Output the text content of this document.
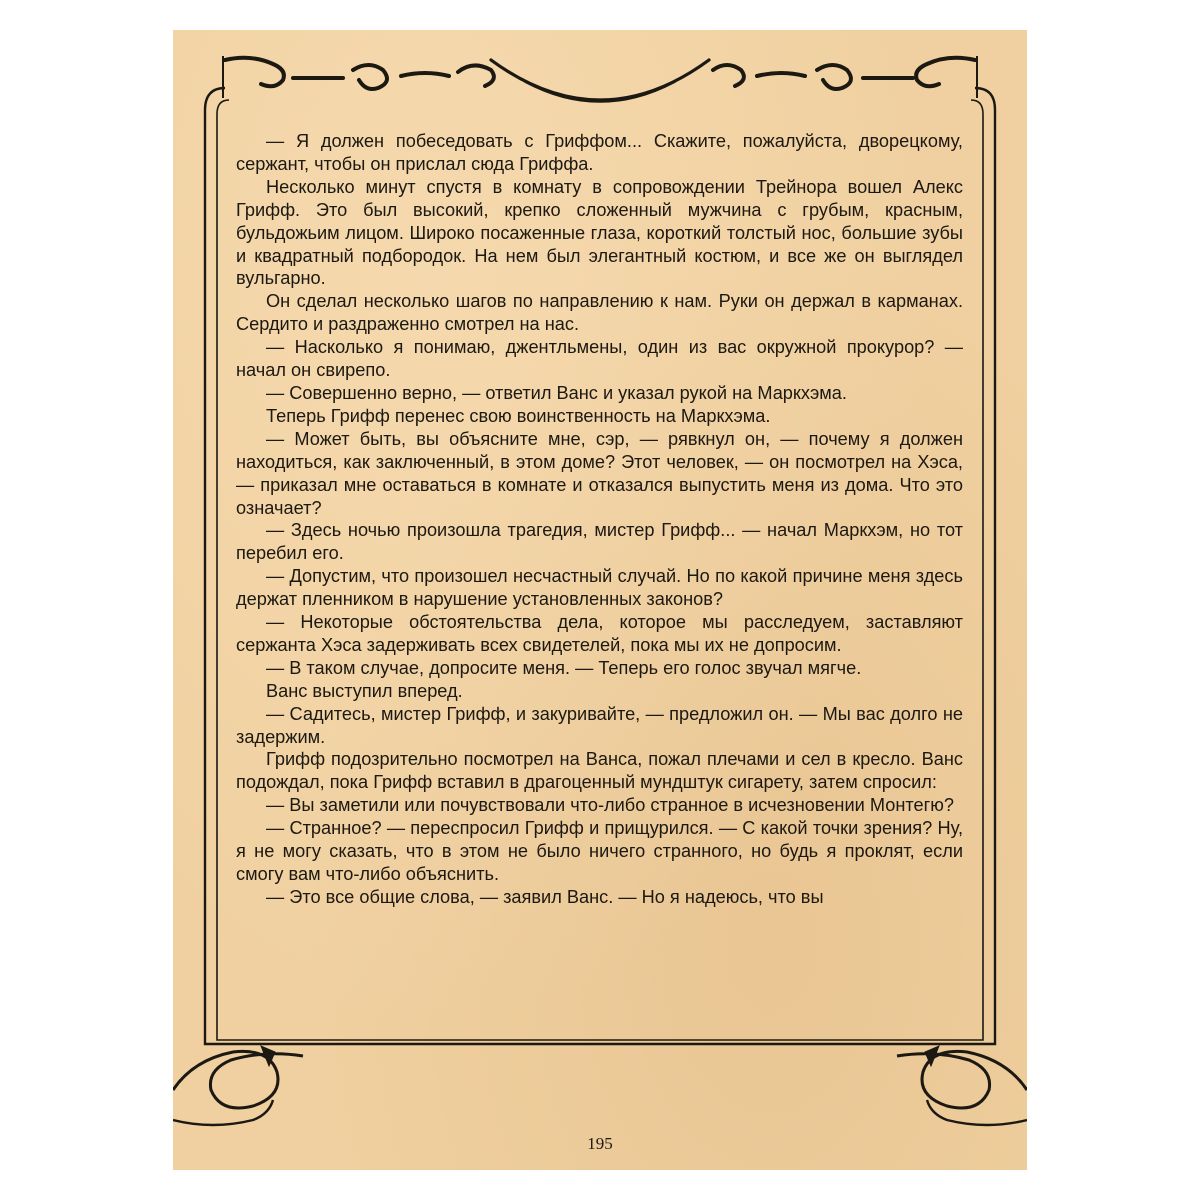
— Я должен побеседовать с Гриффом... Скажите, пожалуйста, дворецкому, сержант, чтобы он прислал сюда Гриффа.

Несколько минут спустя в комнату в сопровождении Трейнора вошел Алекс Грифф. Это был высокий, крепко сложенный мужчина с грубым, красным, бульдожьим лицом. Широко посаженные глаза, короткий толстый нос, большие зубы и квадратный подбородок. На нем был элегантный костюм, и все же он выглядел вульгарно.

Он сделал несколько шагов по направлению к нам. Руки он держал в карманах. Сердито и раздраженно смотрел на нас.

— Насколько я понимаю, джентльмены, один из вас окружной прокурор? — начал он свирепо.

— Совершенно верно, — ответил Ванс и указал рукой на Маркхэма.

Теперь Грифф перенес свою воинственность на Маркхэма.

— Может быть, вы объясните мне, сэр, — рявкнул он, — почему я должен находиться, как заключенный, в этом доме? Этот человек, — он посмотрел на Хэса, — приказал мне оставаться в комнате и отказался выпустить меня из дома. Что это означает?

— Здесь ночью произошла трагедия, мистер Грифф... — начал Маркхэм, но тот перебил его.

— Допустим, что произошел несчастный случай. Но по какой причине меня здесь держат пленником в нарушение установленных законов?

— Некоторые обстоятельства дела, которое мы расследуем, заставляют сержанта Хэса задерживать всех свидетелей, пока мы их не допросим.

— В таком случае, допросите меня. — Теперь его голос звучал мягче.

Ванс выступил вперед.

— Садитесь, мистер Грифф, и закуривайте, — предложил он. — Мы вас долго не задержим.

Грифф подозрительно посмотрел на Ванса, пожал плечами и сел в кресло. Ванс подождал, пока Грифф вставил в драгоценный мундштук сигарету, затем спросил:

— Вы заметили или почувствовали что-либо странное в исчезновении Монтегю?

— Странное? — переспросил Грифф и прищурился. — С какой точки зрения? Ну, я не могу сказать, что в этом не было ничего странного, но будь я проклят, если смогу вам что-либо объяснить.

— Это все общие слова, — заявил Ванс. — Но я надеюсь, что вы

195
